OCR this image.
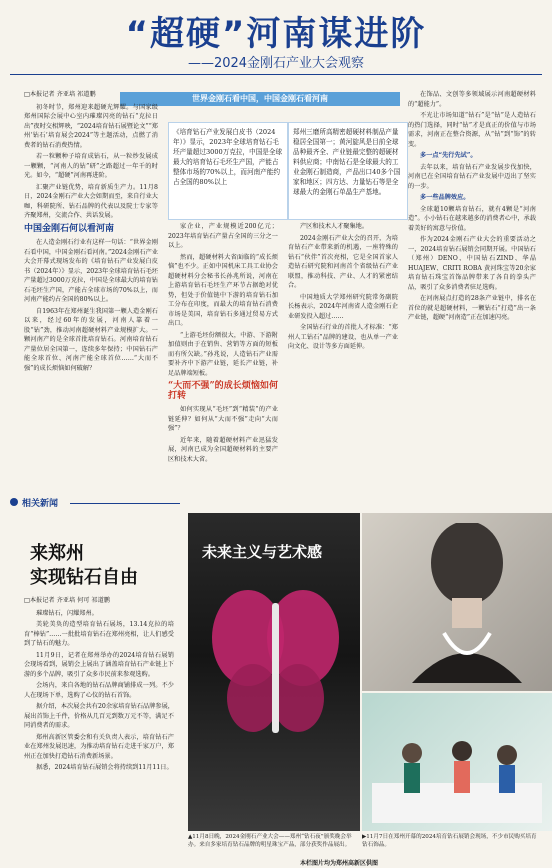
“超硬”河南谋进阶
——2024金刚石产业大会观察
世界金刚石看中国，中国金刚石看河南
□本报记者 齐亚培 祁道鹏

初冬时节，郑州迎来超硬光辉耀。与国家级郑州国际会展中心室内璀璨闪亮的钻石“克拉日出”夜时交相辉映，“2024培育钻石展暨论文”“郑州‘钻石’培育展会2024”等主题活动，点燃了消费者的钻石消费热情。

若一粒颗种子培育成钻石，从一粒炒发展成一颗颗，“河南人的钻”研”之路超过一年千的时光。如今，“超硬”河南再进阶。

汇聚产业链优势，培育新质生产力。11月8日，2024金刚石产业大会如期而至，来自行业大咖，科研院所、钻石品牌的代表以及院士专家等齐聚郑州，交流合作、共话发展。

中国金刚石何以看河南

在人造金刚石行业有这样一句话：“世界金刚石看中国，中国金刚石看河南。”2024金刚石产业大会开幕式现场发布的《培育钻石产业发展白皮书（2024年）》显示，2023年全球培育钻石毛坯产量超过3000万克拉，中国是全球最大的培育钻石毛坯生产国，产能占全球市场的70%以上，而河南产能约占全国的80%以上。

自1963年在郑州诞生我国第一颗人造金刚石以来，经过60年的发展，河南人靠着一股“钻”劲，推动河南超硬材料产业规模扩大。一颗河南产的是全球首批培育钻石。河南培育钻石产量位居全国第一，连续多年保持；中国钻石产能全球首位、河南产能全球首位……“大而不强”的成长烦恼如何破解？

《培育钻石产业发展白皮书（2024年）》显示，2023年全球培育钻石毛坯产量超过3000万克拉，中国是全球最大的培育钻石毛坯生产国，产能占整体市场的70%以上，而河南产能约占全国的80%以上
郑州三磨所高精密超硬材料制品产量稳居全国第一；黄河旋风是目前全球品种最齐全、产业链最完整的超硬材料供应商；中南钻石是全球最大的工业金刚石制造商，产品出口40多个国家和地区；四方达、力量钻石等是全球最大的金刚石单晶生产基地。

家企业，产业规模近200亿元；2023年培育钻石产量占全国的三分之一以上。

然而，超硬材料大省面临的“成长烦恼”也不少。正如中国机床工具工业协会超硬材料分会秘书长孙兆所说，河南在上游培育钻石毛坯生产环节占据绝对优势，但处于价值链中下游的培育钻石加工分布在印度，而最大的培育钻石消费市场是美国，培育钻石多通过贸易方式出口。

“上游毛坯份额很大，中游、下游附加值则由于在销售、营销等方面的短板而有所欠缺。”孙兆说，人造钻石产业需要补齐中下游产业链，延长产业链，补足品牌端短板。

“大而不强”的成长烦恼如何打转

如何实现从“毛坯”到“精装”的产业链延伸？如何从“大而不强”走向“大而强”？

近年来，随着超硬材料产业迅猛发展，河南已成为全国超硬材料的主要产区和技术大省。

产区和技术人才聚集地。

2024金刚石产业大会的召开，为培育钻石产业带来新的机遇，一座特殊的钻石“伙伴”首次亮相，它是全国首家人造钻石研究院和河南首个省级钻石产业联盟，推动科技、产业、人才的紧密结合。

中国地质大学郑州研究院常务副院长杨表示，2024年河南省人造金刚石企业研发投入超过……

全国钻石行业的首批人才标准：“郑州人工钻石”品牌的建设，也从单一产业向文化、设计等多方面延伸。

在饰品、文创等多领域展示河南超硬材料的“超能力”。

不光让市场知道“钻石”是“钻”是人造钻石的热门选择，同时“钻”才是真正的价值与市场需求，河南正在整合资源，从“钻”到“饰”的转变。

多一点“先行先试”。

去年以来，培育钻石产业发展步伐加快，河南已在全国培育钻石产业发展中迈出了坚实的一步。

多一些品牌效应。

全球超10颗培育钻石，就有4颗是“河南造”。小小钻石在越来越多的消费者心中，承载着美好的寓意与价值。

作为2024金刚石产业大会的重要活动之一，2024培育钻石展销会同期开展。中国钻石（郑州）DENO、中国钻石ZIND、华晶HUAJEW、CRITI ROBA 黄河珠宝等20余家培育钻石珠宝首饰品牌带来了各自的拳头产品，吸引了众多消费者驻足选购。

在河南展点打造的28条产业链中，排名在首位的就是超硬材料，一颗钻石“打造”出一条产业链，超硬“河南造”正在加速闪亮。

相关新闻
来郑州
实现钻石自由
□本报记者 齐亚培 何可 祁道鹏

璀璨钻石，闪耀郑州。

美轮美奂的造型培育钻石展场，13.14克拉的培育“棒钻”……一批批培育钻石在郑州亮相，让人们感受到了钻石的魅力。

11月9日，记者在郑州举办的2024培育钻石展销会现场看到，展销会上展出了涵盖培育钻石产业链上下游的多个品牌，吸引了众多市民前来参观选购。

会场内，来自各地的钻石品牌商铺排成一列。不少人在现场下单，选购了心仪的钻石首饰。

据介绍，本次展会共有20余家培育钻石品牌参展，展出首饰上千件，价格从几百元到数万元不等，满足不同消费者的需求。

郑州高新区管委会和有关负责人表示，培育钻石产业在郑州发展迅速，为推动培育钻石走进千家万户，郑州正在加快打造钻石消费新场景。

据悉，2024培育钻石展销会将持续到11月11日。

未来主义与艺术感
▲11月8日晚，2024金刚石产业大会——郑州“钻石夜”颁奖晚会举办。来自多家培育钻石品牌的明星珠宝产品，部分获奖作品展出。
▶11月7日在郑州开幕的2024培育钻石展销会现场，不少市民购买培育钻石饰品。
本栏图片均为郑州高新区供图
